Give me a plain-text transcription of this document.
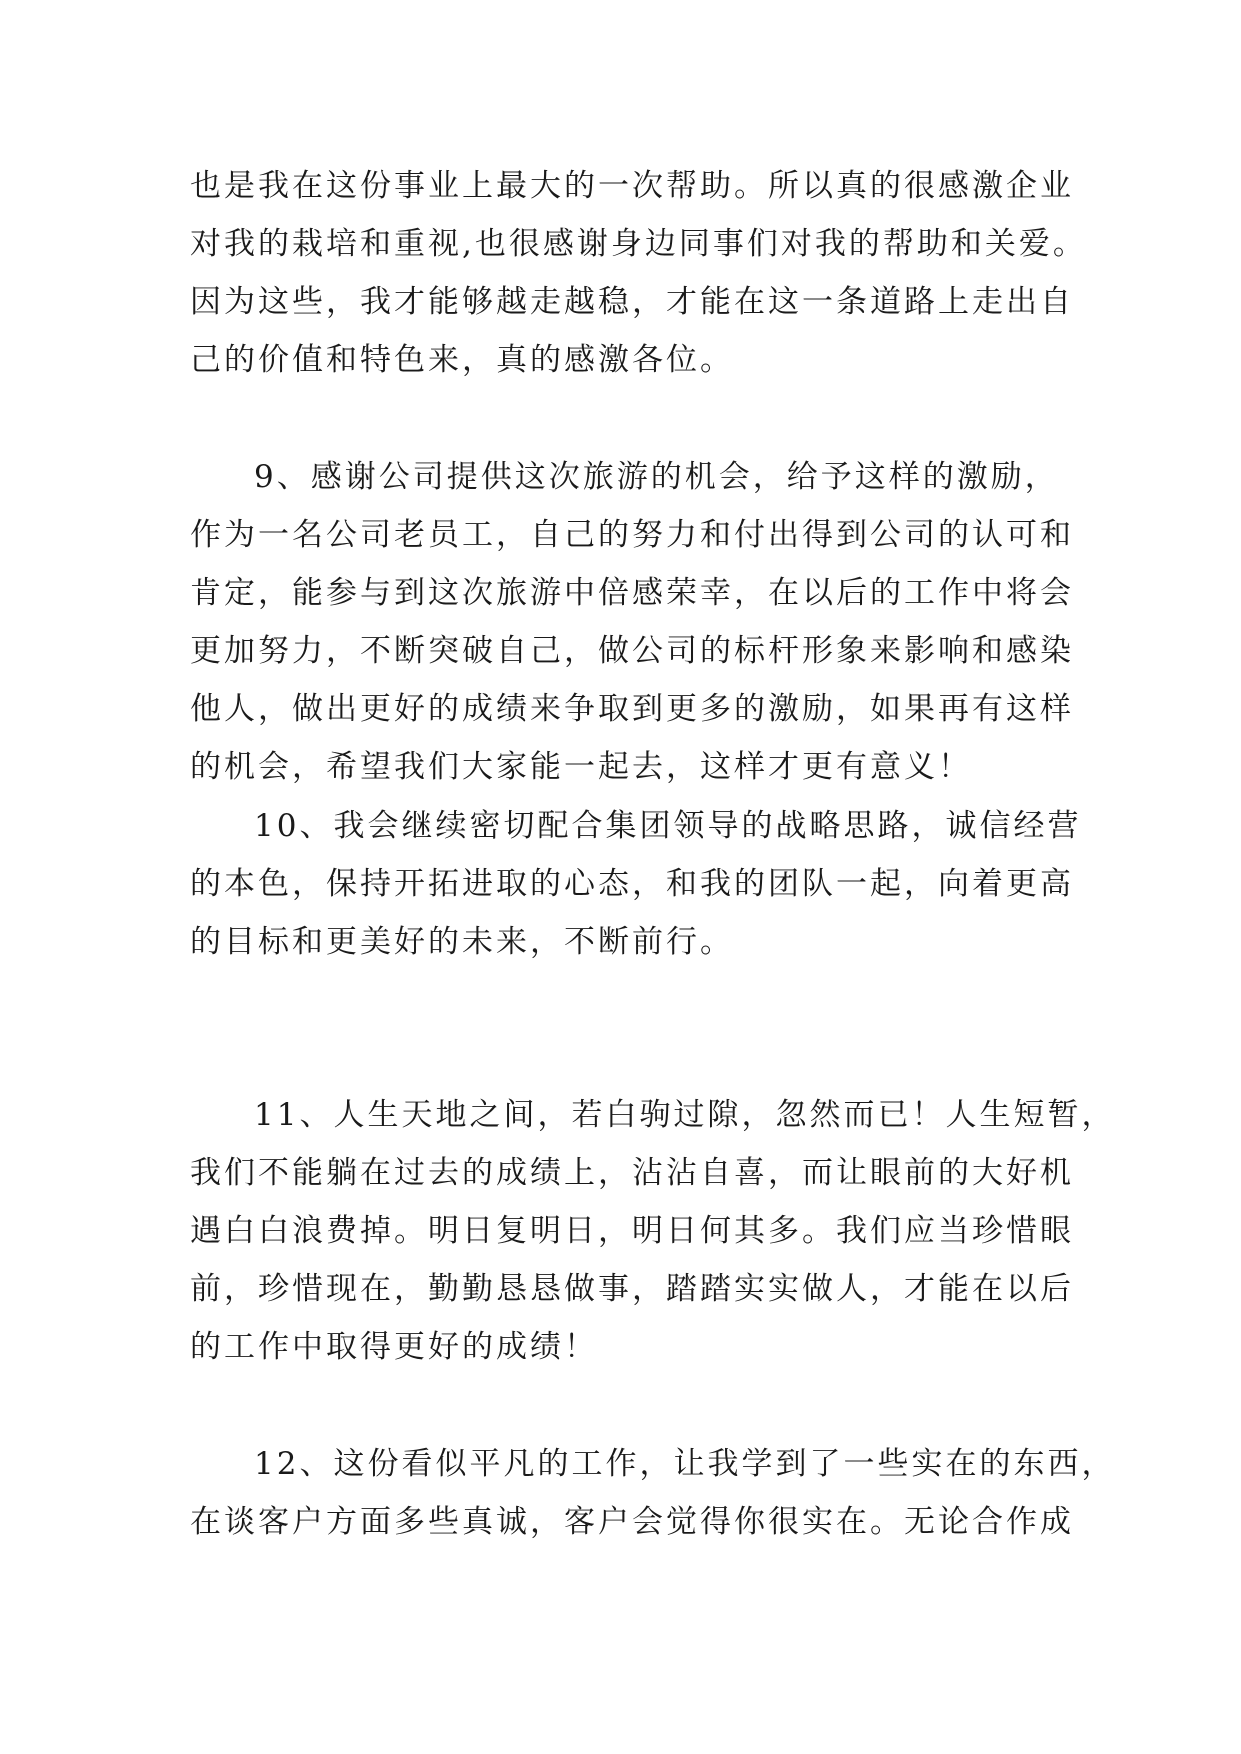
也是我在这份事业上最大的一次帮助。所以真的很感激企业
对我的栽培和重视,也很感谢身边同事们对我的帮助和关爱。
因为这些，我才能够越走越稳，才能在这一条道路上走出自
己的价值和特色来，真的感激各位。
9、感谢公司提供这次旅游的机会，给予这样的激励，
作为一名公司老员工，自己的努力和付出得到公司的认可和
肯定，能参与到这次旅游中倍感荣幸，在以后的工作中将会
更加努力，不断突破自己，做公司的标杆形象来影响和感染
他人，做出更好的成绩来争取到更多的激励，如果再有这样
的机会，希望我们大家能一起去，这样才更有意义！
10、我会继续密切配合集团领导的战略思路，诚信经营
的本色，保持开拓进取的心态，和我的团队一起，向着更高
的目标和更美好的未来，不断前行。
11、人生天地之间，若白驹过隙，忽然而已！人生短暂，
我们不能躺在过去的成绩上，沾沾自喜，而让眼前的大好机
遇白白浪费掉。明日复明日，明日何其多。我们应当珍惜眼
前，珍惜现在，勤勤恳恳做事，踏踏实实做人，才能在以后
的工作中取得更好的成绩！
12、这份看似平凡的工作，让我学到了一些实在的东西，
在谈客户方面多些真诚，客户会觉得你很实在。无论合作成
